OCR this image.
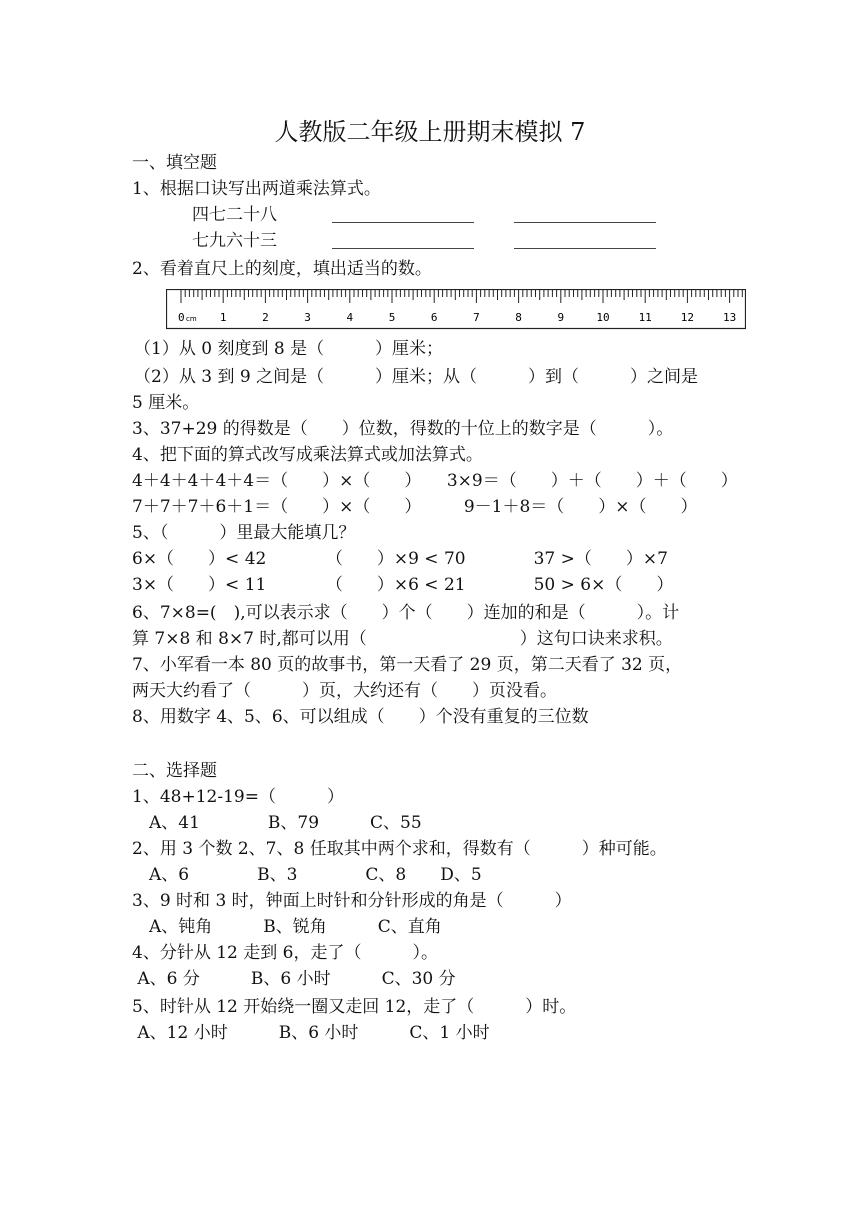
人教版二年级上册期末模拟 7
一、填空题
1、根据口诀写出两道乘法算式。
四七二十八
七九六十三
2、看着直尺上的刻度，填出适当的数。
0 cm 1	2	3	4	5	6	7	8	9	10	11	12	13
（1）从 0 刻度到 8 是（　　　）厘米；
（2）从 3 到 9 之间是（　　　）厘米；从（　　　）到（　　　）之间是
5 厘米。
3、37+29 的得数是（　　）位数，得数的十位上的数字是（　　　）。
4、把下面的算式改写成乘法算式或加法算式。
4＋4＋4＋4＋4＝（　　）×（　　）　　3×9＝（　　）＋（　　）＋（　　）
7＋7＋7＋6＋1＝（　　）×（　　）　　　9－1＋8＝（　　）×（　　）
5、（　　　）里最大能填几？
6×（　　）< 42　　　　（　　）×9 < 70　　　　37 >（　　）×7
3×（　　）< 11　　　　（　　）×6 < 21　　　　50 > 6×（　　）
6、7×8=(　),可以表示求（　　）个（　　）连加的和是（　　　）。计
算 7×8 和 8×7 时,都可以用（　　　　　　　　　）这句口诀来求积。
7、小军看一本 80 页的故事书，第一天看了 29 页，第二天看了 32 页，
两天大约看了（　　　）页，大约还有（　　）页没看。
8、用数字 4、5、6、可以组成（　　）个没有重复的三位数
二、选择题
1、48+12-19=（　　　）
　A、41　　　　B、79　　　C、55
2、用 3 个数 2、7、8 任取其中两个求和，得数有（　　　）种可能。
　A、6　　　　B、3　　　　C、8　　D、5
3、9 时和 3 时，钟面上时针和分针形成的角是（　　　）
　A、钝角　　　B、锐角　　　C、直角
4、分针从 12 走到 6，走了（　　　）。
A、6 分　　　B、6 小时　　　C、30 分
5、时针从 12 开始绕一圈又走回 12，走了（　　　）时。
A、12 小时　　　B、6 小时　　　C、1 小时
